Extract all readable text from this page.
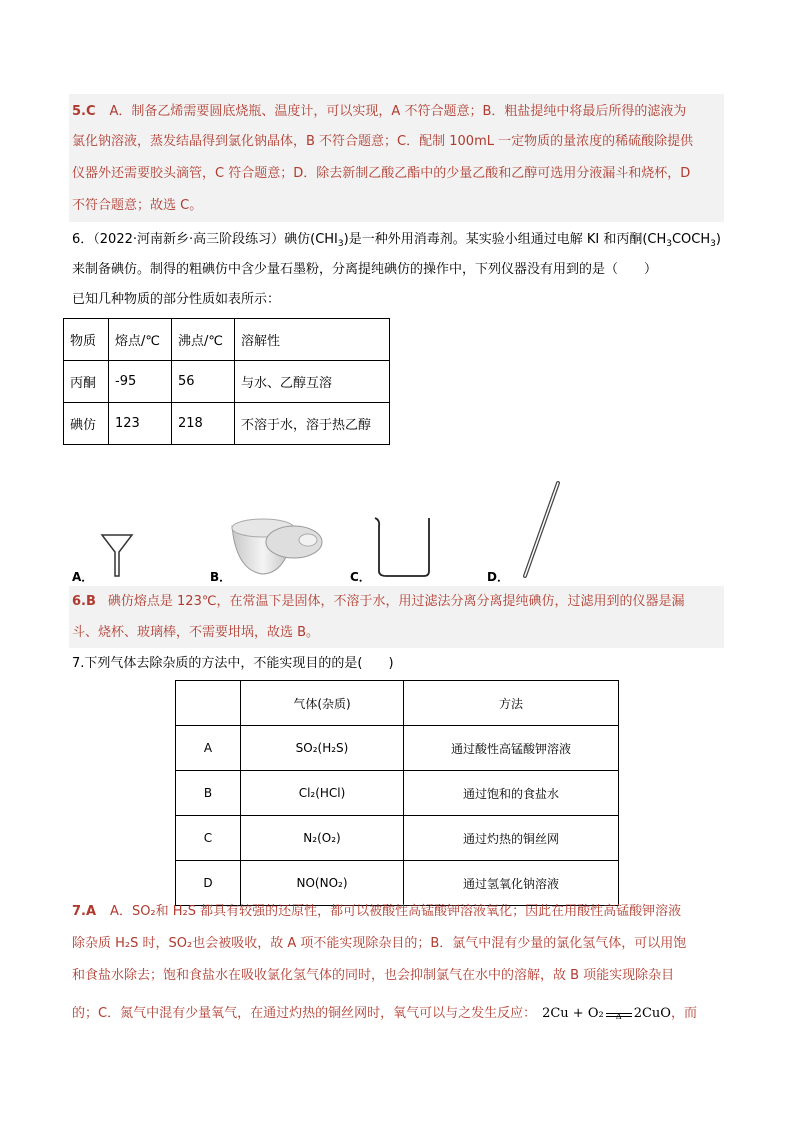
5.C A．制备乙烯需要圆底烧瓶、温度计，可以实现，A 不符合题意；B．粗盐提纯中将最后所得的滤液为
氯化钠溶液，蒸发结晶得到氯化钠晶体，B 不符合题意；C．配制 100mL 一定物质的量浓度的稀硫酸除提供
仪器外还需要胶头滴管，C 符合题意；D．除去新制乙酸乙酯中的少量乙酸和乙醇可选用分液漏斗和烧杯，D
不符合题意；故选 C。
6．（2022·河南新乡·高三阶段练习）碘仿$(CHI_3)$是一种外用消毒剂。某实验小组通过电解 KI 和丙酮$(CH_3COCH_3)$
来制备碘仿。制得的粗碘仿中含少量石墨粉，分离提纯碘仿的操作中，下列仪器没有用到的是（　　）
已知几种物质的部分性质如表所示：
物质	熔点/℃	沸点/℃	溶解性
丙酮	-95	56	与水、乙醇互溶
碘仿	123	218	不溶于水，溶于热乙醇
A．	B．	C．	D．
6.B 碘仿熔点是 123℃，在常温下是固体，不溶于水，用过滤法分离分离提纯碘仿，过滤用到的仪器是漏
斗、烧杯、玻璃棒，不需要坩埚，故选 B。
7.下列气体去除杂质的方法中，不能实现目的的是(　　)
	气体(杂质)	方法
A	SO₂(H₂S)	通过酸性高锰酸钾溶液
B	Cl₂(HCl)	通过饱和的食盐水
C	N₂(O₂)	通过灼热的铜丝网
D	NO(NO₂)	通过氢氧化钠溶液
7.A A．SO₂和 H₂S 都具有较强的还原性，都可以被酸性高锰酸钾溶液氧化；因此在用酸性高锰酸钾溶液
除杂质 H₂S 时，SO₂也会被吸收，故 A 项不能实现除杂目的；B．氯气中混有少量的氯化氢气体，可以用饱
和食盐水除去；饱和食盐水在吸收氯化氢气体的同时，也会抑制氯气在水中的溶解，故 B 项能实现除杂目
的；C．氮气中混有少量氧气，在通过灼热的铜丝网时，氧气可以与之发生反应： 2Cu + O₂	Δ 2CuO，而
